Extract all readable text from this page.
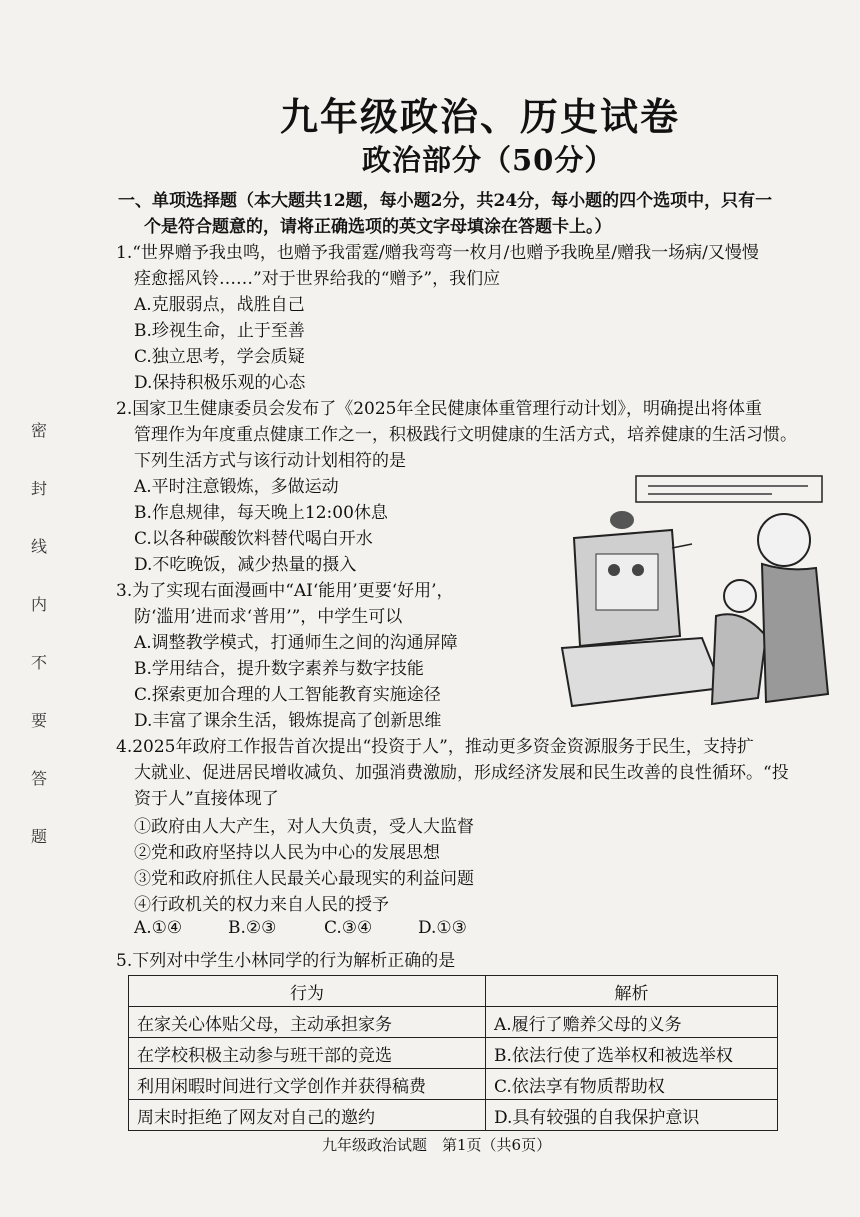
九年级政治、历史试卷
政治部分（50分）
一、单项选择题（本大题共12题，每小题2分，共24分，每小题的四个选项中，只有一
个是符合题意的，请将正确选项的英文字母填涂在答题卡上。）
密
封
线
内
不
要
答
题
1.“世界赠予我虫鸣，也赠予我雷霆/赠我弯弯一枚月/也赠予我晚星/赠我一场病/又慢慢
痊愈摇风铃……”对于世界给我的“赠予”，我们应
A.克服弱点，战胜自己
B.珍视生命，止于至善
C.独立思考，学会质疑
D.保持积极乐观的心态
2.国家卫生健康委员会发布了《2025年全民健康体重管理行动计划》，明确提出将体重
管理作为年度重点健康工作之一，积极践行文明健康的生活方式，培养健康的生活习惯。
下列生活方式与该行动计划相符的是
A.平时注意锻炼，多做运动
B.作息规律，每天晚上12:00休息
C.以各种碳酸饮料替代喝白开水
D.不吃晚饭，减少热量的摄入
3.为了实现右面漫画中“AI‘能用’更要‘好用’，
防‘滥用’进而求‘普用’”，中学生可以
A.调整教学模式，打通师生之间的沟通屏障
B.学用结合，提升数字素养与数字技能
C.探索更加合理的人工智能教育实施途径
D.丰富了课余生活，锻炼提高了创新思维
4.2025年政府工作报告首次提出“投资于人”，推动更多资金资源服务于民生，支持扩
大就业、促进居民增收减负、加强消费激励，形成经济发展和民生改善的良性循环。“投
资于人”直接体现了
①政府由人大产生，对人大负责，受人大监督
②党和政府坚持以人民为中心的发展思想
③党和政府抓住人民最关心最现实的利益问题
④行政机关的权力来自人民的授予
A.①④	B.②③	C.③④	D.①③
5.下列对中学生小林同学的行为解析正确的是
行为	解析
在家关心体贴父母，主动承担家务	A.履行了赡养父母的义务
在学校积极主动参与班干部的竞选	B.依法行使了选举权和被选举权
利用闲暇时间进行文学创作并获得稿费	C.依法享有物质帮助权
周末时拒绝了网友对自己的邀约	D.具有较强的自我保护意识
九年级政治试题　第1页（共6页）
